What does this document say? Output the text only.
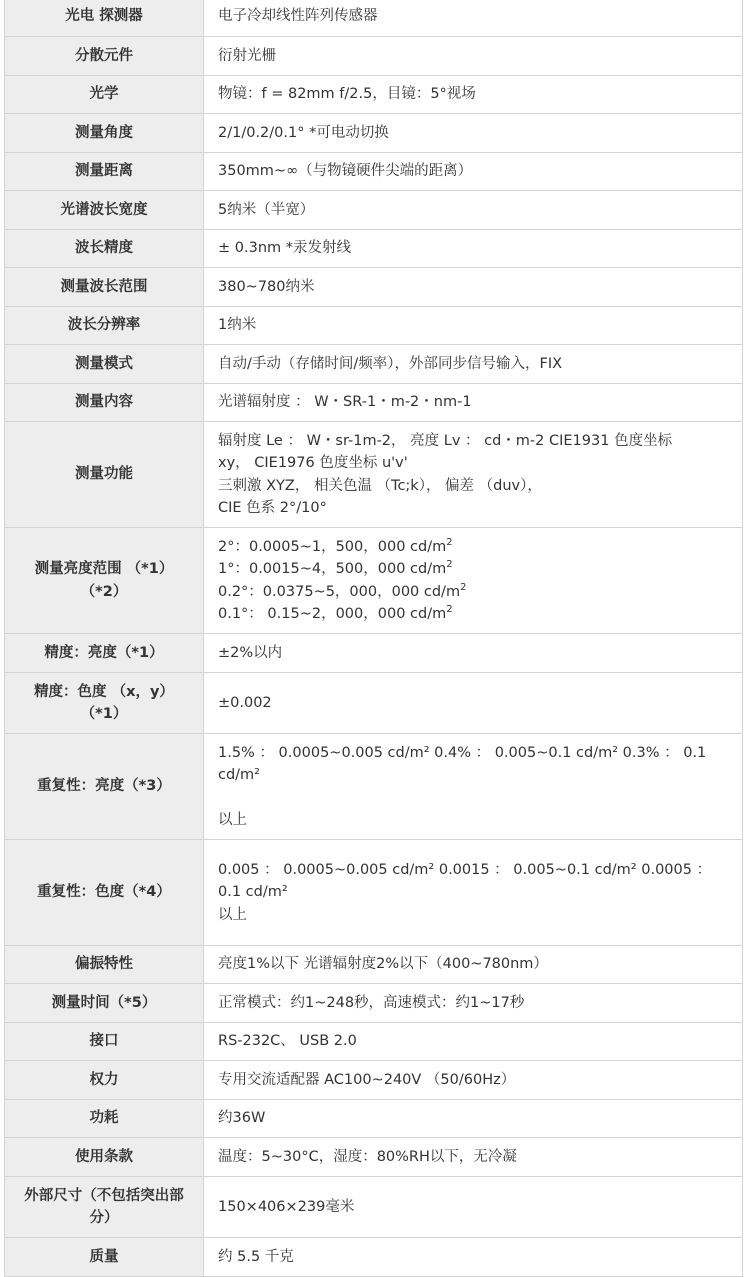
光电 探测器	电子冷却线性阵列传感器

分散元件	衍射光栅

光学	物镜：f = 82mm f/2.5，目镜：5°视场

测量角度	2/1/0.2/0.1° *可电动切换

测量距离	350mm~∞（与物镜硬件尖端的距离）

光谱波长宽度	5纳米（半宽）

波长精度	± 0.3nm *汞发射线

测量波长范围	380~780纳米

波长分辨率	1纳米

测量模式	自动/手动（存储时间/频率），外部同步信号输入，FIX

测量内容	光谱辐射度 ： W・SR-1・m-2・nm-1

测量功能	辐射度 Le ： W・sr-1m-2， 亮度 Lv ： cd・m-2 CIE1931 色度坐标
xy， CIE1976 色度坐标 u'v'
三刺激 XYZ， 相关色温 （Tc;k）， 偏差 （duv），
CIE 色系 2°/10°

测量亮度范围 （*1）（*2）	2°：0.0005~1，500，000 $cd/m^2$
1°：0.0015~4，500，000 $cd/m^2$
0.2°：0.0375~5，000，000 $cd/m^2$
0.1°： 0.15~2，000，000 $cd/m^2$

精度：亮度（*1）	±2%以内

精度：色度 （x，y）（*1）	±0.002

重复性：亮度（*3）	1.5% ： 0.0005~0.005 cd/m² 0.4% ： 0.005~0.1 cd/m² 0.3% ： 0.1 cd/m²
以上

重复性：色度（*4）	0.005 ： 0.0005~0.005 cd/m² 0.0015 ： 0.005~0.1 cd/m² 0.0005 ：
0.1 cd/m²
以上

偏振特性	亮度1%以下 光谱辐射度2%以下（400~780nm）

测量时间（*5）	正常模式：约1~248秒，高速模式：约1~17秒

接口	RS-232C、 USB 2.0

权力	专用交流适配器 AC100~240V （50/60Hz）

功耗	约36W

使用条款	温度：5~30°C，湿度：80%RH以下，无冷凝

外部尺寸（不包括突出部分）	150×406×239毫米

质量	约 5.5 千克
